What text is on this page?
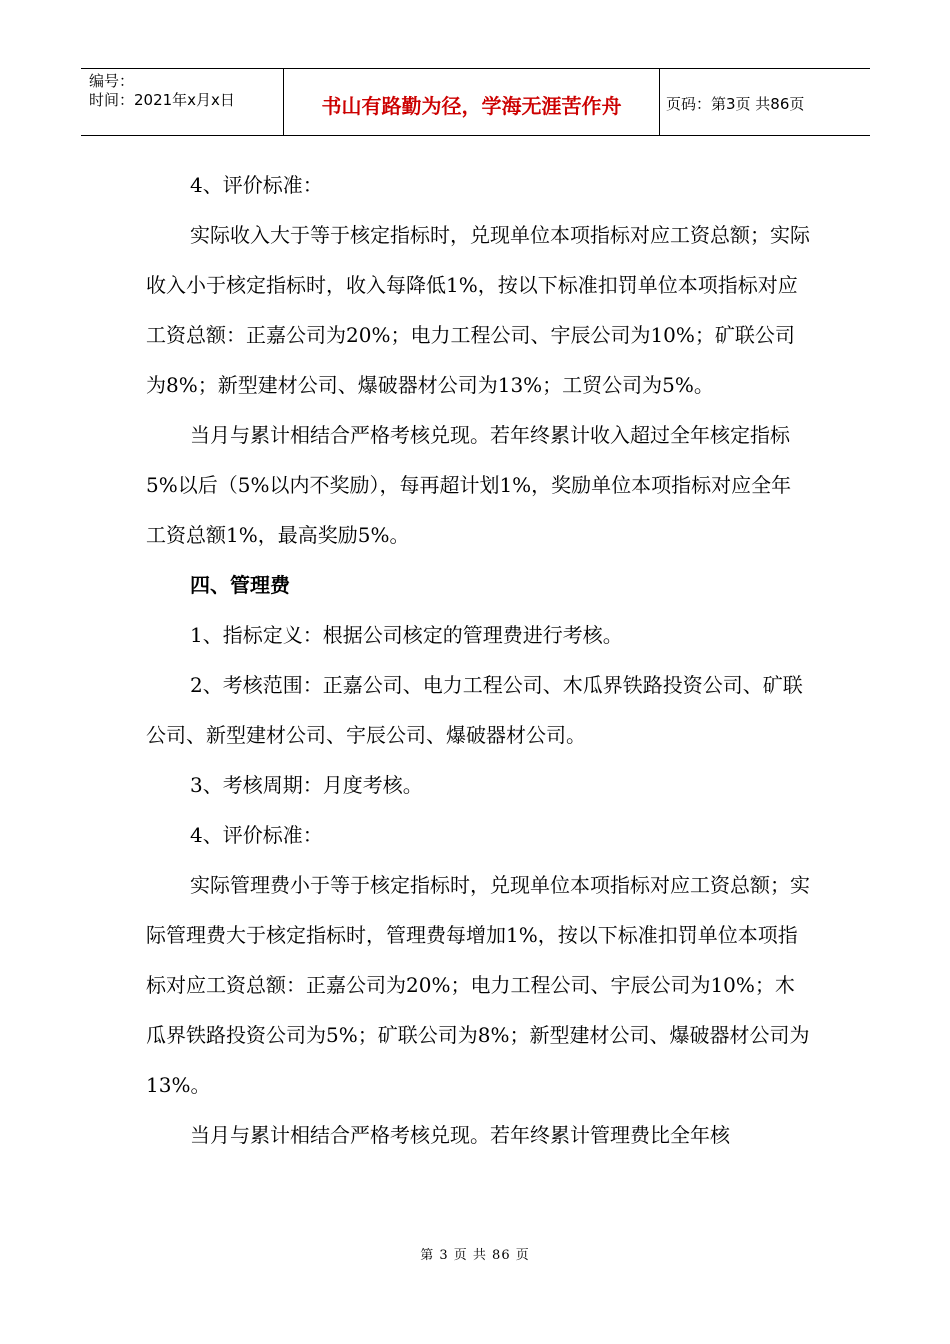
编号：
时间：2021年x月x日	书山有路勤为径，学海无涯苦作舟	页码：第3页 共86页

4、评价标准：

实际收入大于等于核定指标时，兑现单位本项指标对应工资总额；实际收入小于核定指标时，收入每降低1%，按以下标准扣罚单位本项指标对应工资总额：正嘉公司为20%；电力工程公司、宇辰公司为10%；矿联公司为8%；新型建材公司、爆破器材公司为13%；工贸公司为5%。

当月与累计相结合严格考核兑现。若年终累计收入超过全年核定指标5%以后（5%以内不奖励），每再超计划1%，奖励单位本项指标对应全年工资总额1%，最高奖励5%。

四、管理费

1、指标定义：根据公司核定的管理费进行考核。

2、考核范围：正嘉公司、电力工程公司、木瓜界铁路投资公司、矿联公司、新型建材公司、宇辰公司、爆破器材公司。

3、考核周期：月度考核。

4、评价标准：

实际管理费小于等于核定指标时，兑现单位本项指标对应工资总额；实际管理费大于核定指标时，管理费每增加1%，按以下标准扣罚单位本项指标对应工资总额：正嘉公司为20%；电力工程公司、宇辰公司为10%；木瓜界铁路投资公司为5%；矿联公司为8%；新型建材公司、爆破器材公司为13%。

当月与累计相结合严格考核兑现。若年终累计管理费比全年核

第 3 页 共 86 页
